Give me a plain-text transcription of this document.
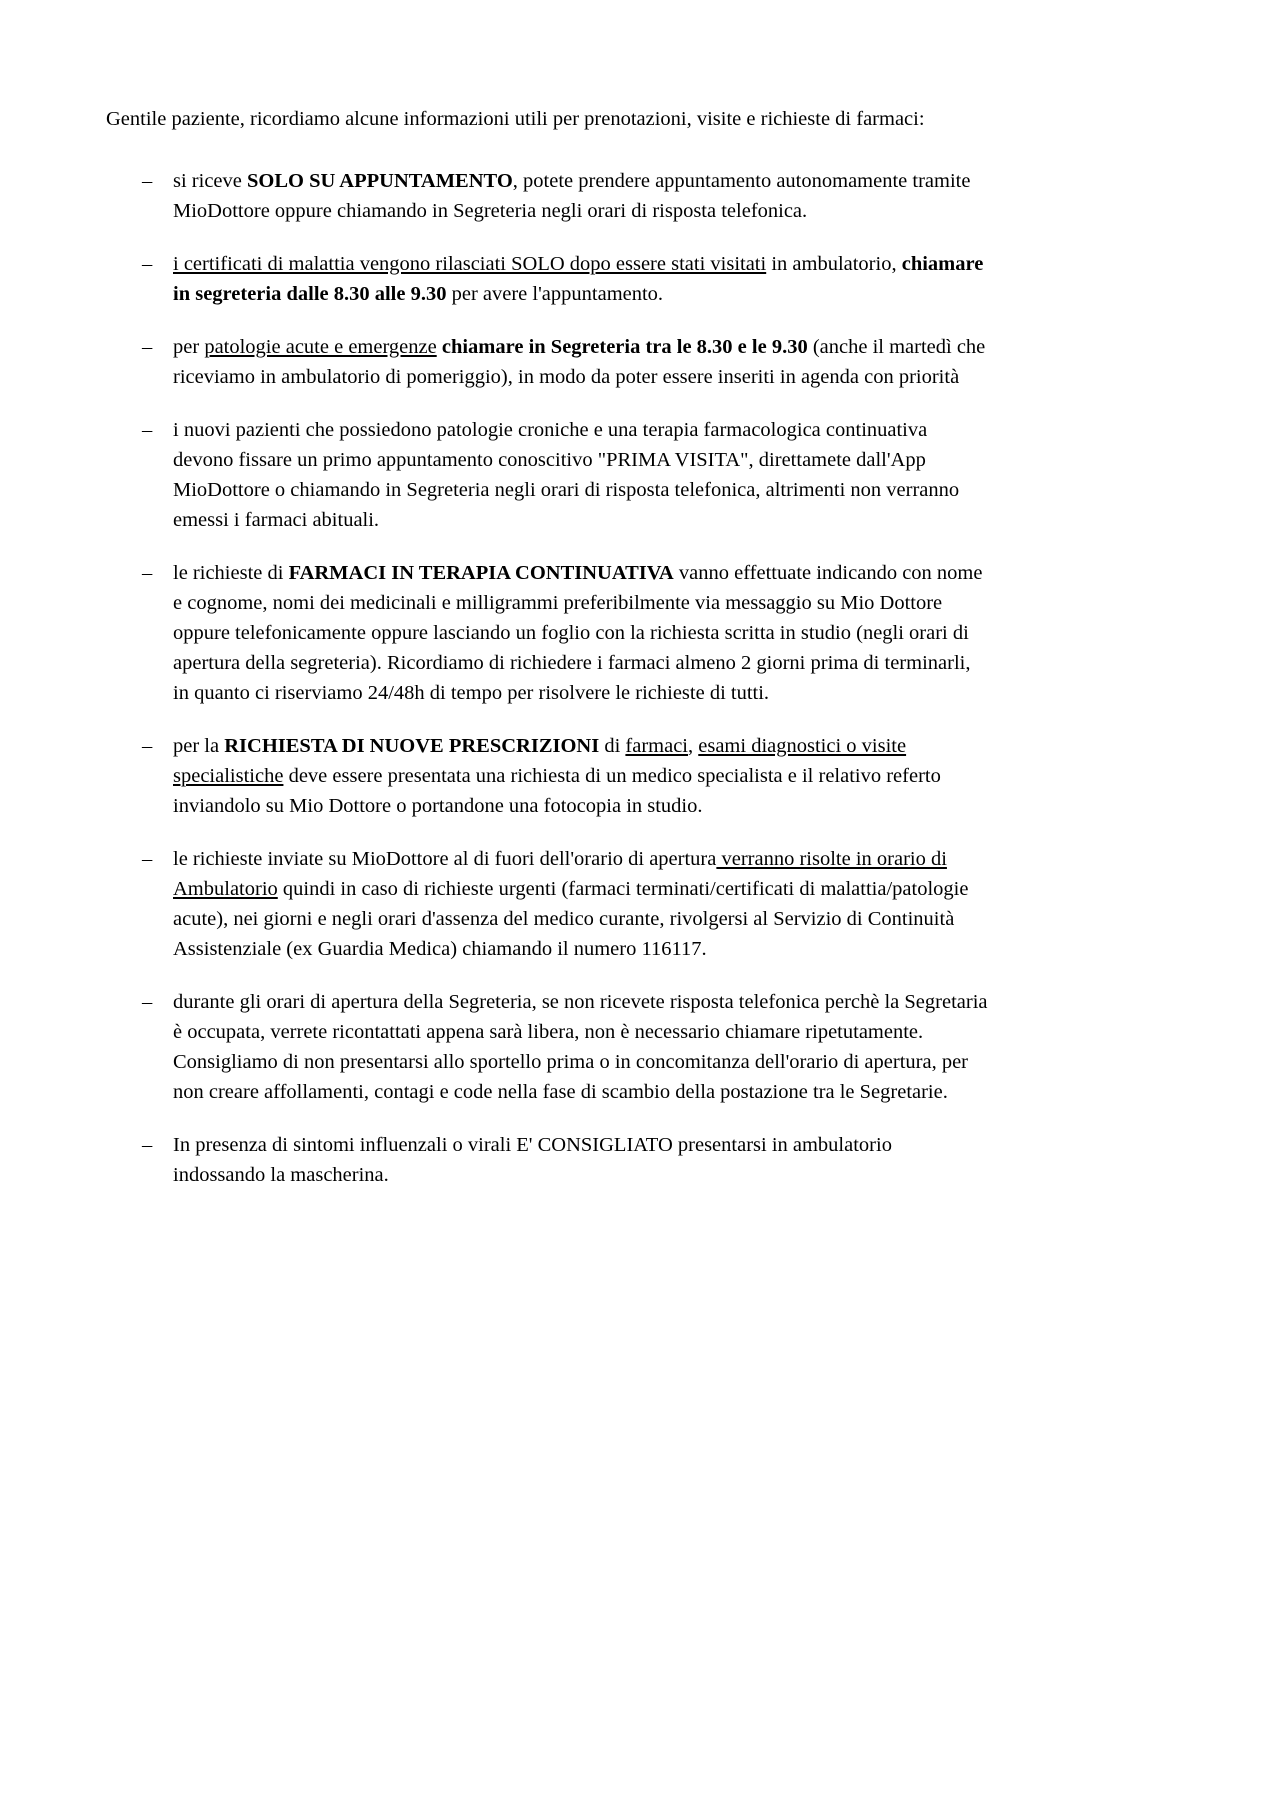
Gentile paziente, ricordiamo alcune informazioni utili per prenotazioni, visite e richieste di farmaci:

–	si riceve SOLO SU APPUNTAMENTO, potete prendere appuntamento autonomamente tramite MioDottore oppure chiamando in Segreteria negli orari di risposta telefonica.
–	i certificati di malattia vengono rilasciati SOLO dopo essere stati visitati in ambulatorio, chiamare in segreteria dalle 8.30 alle 9.30 per avere l'appuntamento.
–	per patologie acute e emergenze chiamare in Segreteria tra le 8.30 e le 9.30 (anche il martedì che riceviamo in ambulatorio di pomeriggio), in modo da poter essere inseriti in agenda con priorità
–	i nuovi pazienti che possiedono patologie croniche e una terapia farmacologica continuativa devono fissare un primo appuntamento conoscitivo "PRIMA VISITA", direttamete dall'App MioDottore o chiamando in Segreteria negli orari di risposta telefonica, altrimenti non verranno emessi i farmaci abituali.
–	le richieste di FARMACI IN TERAPIA CONTINUATIVA vanno effettuate indicando con nome e cognome, nomi dei medicinali e milligrammi preferibilmente via messaggio su Mio Dottore oppure telefonicamente oppure lasciando un foglio con la richiesta scritta in studio (negli orari di apertura della segreteria). Ricordiamo di richiedere i farmaci almeno 2 giorni prima di terminarli, in quanto ci riserviamo 24/48h di tempo per risolvere le richieste di tutti.
–	per la RICHIESTA DI NUOVE PRESCRIZIONI di farmaci, esami diagnostici o visite specialistiche deve essere presentata una richiesta di un medico specialista e il relativo referto inviandolo su Mio Dottore o portandone una fotocopia in studio.
–	le richieste inviate su MioDottore al di fuori dell'orario di apertura verranno risolte in orario di Ambulatorio quindi in caso di richieste urgenti (farmaci terminati/certificati di malattia/patologie acute), nei giorni e negli orari d'assenza del medico curante, rivolgersi al Servizio di Continuità Assistenziale (ex Guardia Medica) chiamando il numero 116117.
–	durante gli orari di apertura della Segreteria, se non ricevete risposta telefonica perchè la Segretaria è occupata, verrete ricontattati appena sarà libera, non è necessario chiamare ripetutamente. Consigliamo di non presentarsi allo sportello prima o in concomitanza dell'orario di apertura, per non creare affollamenti, contagi e code nella fase di scambio della postazione tra le Segretarie.
–	In presenza di sintomi influenzali o virali E' CONSIGLIATO presentarsi in ambulatorio indossando la mascherina.
